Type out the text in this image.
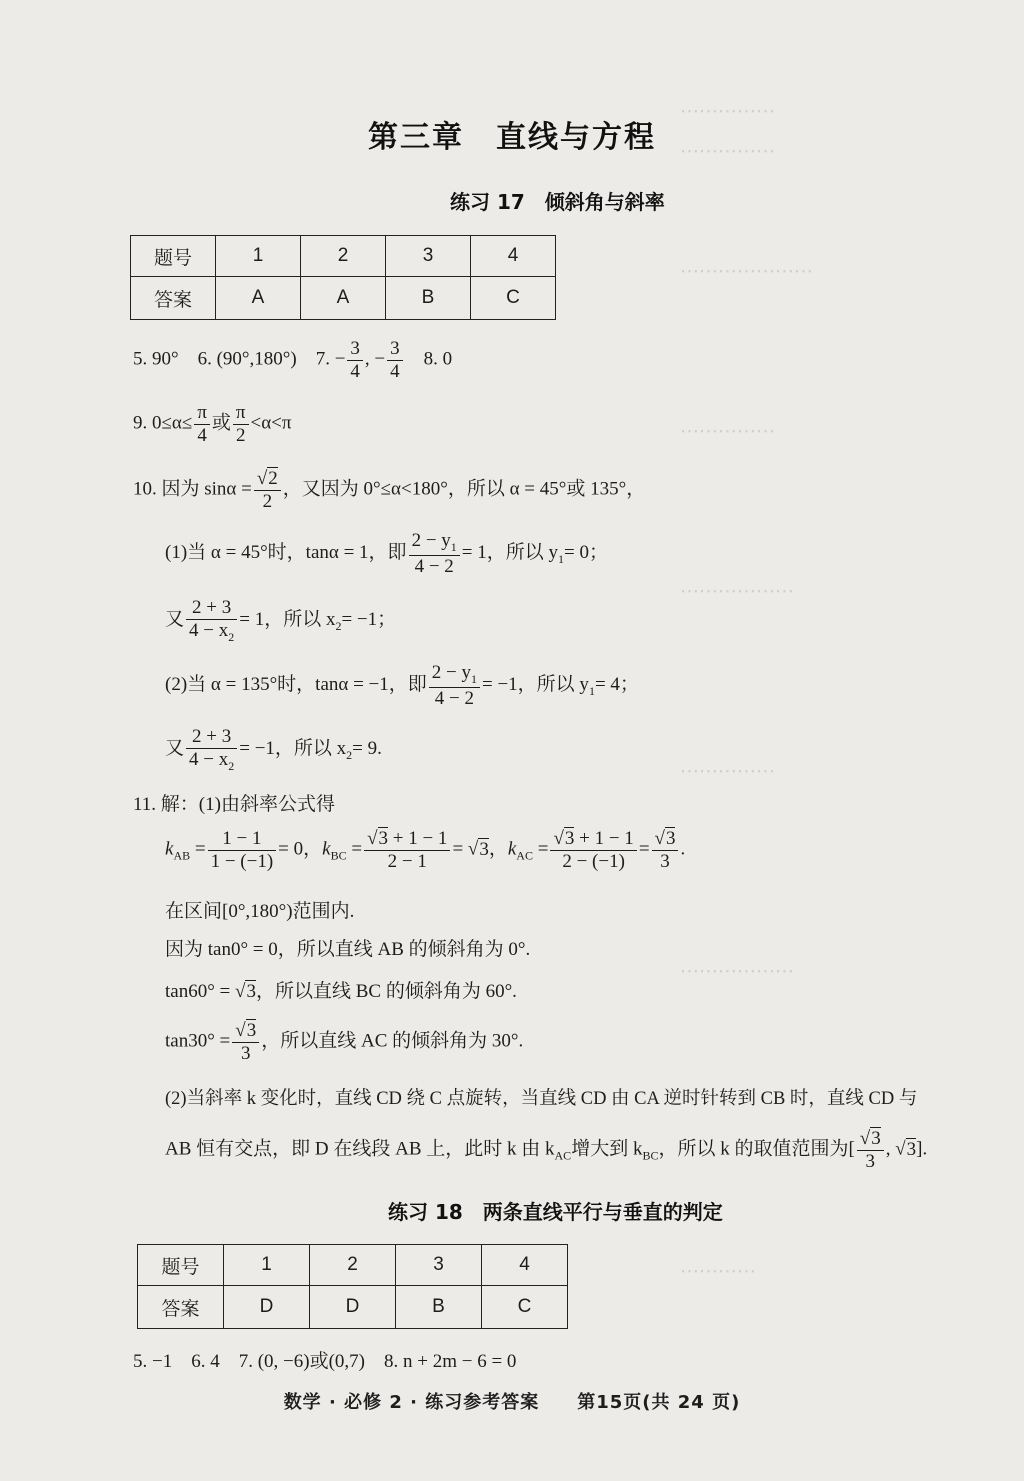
⋯⋯⋯⋯⋯
⋯⋯⋯⋯⋯
⋯⋯⋯⋯⋯⋯⋯
⋯⋯⋯⋯⋯
⋯⋯⋯⋯⋯⋯
⋯⋯⋯⋯⋯
⋯⋯⋯⋯⋯⋯
⋯⋯⋯⋯
第三章　直线与方程
练习 17　倾斜角与斜率
题号	1	2	3	4
答案	A	A	B	C
5. 90°　6. (90°,180°)　7. − $\frac{3}{4}$ , − $\frac{3}{4}$ 　8. 0
9. $0\le\alpha\le \frac{\pi}{4}$ 或 $\frac{\pi}{2} <\alpha<\pi$
10. 因为 $\sin\alpha = \frac{√2}{2}$ ，又因为 0°≤α<180°，所以 α = 45°或 135°，
(1)当 α = 45°时，tanα = 1，即 $\frac{2 - y_1}{4 - 2} = 1$，所以 $y_1= 0$；
又 $\frac{2 + 3}{4 - x_2} = 1$，所以 $x_2= -1$；
(2)当 α = 135°时，tanα = −1，即 $\frac{2 - y_1}{4 - 2} = -1$，所以 $y_1= 4$；
又 $\frac{2 + 3}{4 - x_2} = -1$，所以 $x_2= 9$.
11. 解：(1)由斜率公式得
$k_{AB} = \frac{1 - 1}{1 - (-1)} = 0$，$k_{BC} = \frac{√3 + 1 - 1}{2 - 1} = √3$，$k_{AC} = \frac{√3 + 1 - 1}{2 - (-1)} = \frac{√3}{3}$ .
在区间[0°,180°)范围内.
因为 tan0° = 0，所以直线 AB 的倾斜角为 0°.
tan60° = √3，所以直线 BC 的倾斜角为 60°.
$\tan 30^\circ = \frac{√3}{3}$ ，所以直线 AC 的倾斜角为 30°.
(2)当斜率 k 变化时，直线 CD 绕 C 点旋转，当直线 CD 由 CA 逆时针转到 CB 时，直线 CD 与
AB 恒有交点，即 D 在线段 AB 上，此时 k 由 $k_{AC}$增大到 $k_{BC}$，所以 k 的取值范围为[ $\frac{√3}{3}$ , √3].
练习 18　两条直线平行与垂直的判定
题号	1	2	3	4
答案	D	D	B	C
5. −1　6. 4　7. (0, −6)或(0,7)　8. n + 2m − 6 = 0
数学 · 必修 2 · 练习参考答案　　第15页(共 24 页)
